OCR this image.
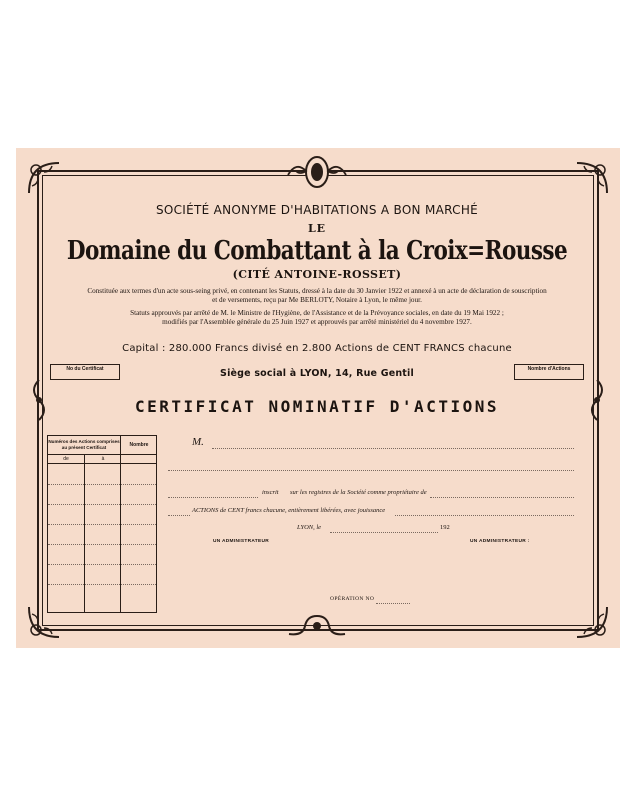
SOCIÉTÉ ANONYME D'HABITATIONS A BON MARCHÉ
LE
Domaine du Combattant à la Croix=Rousse
(CITÉ ANTOINE-ROSSET)
Constituée aux termes d'un acte sous-seing privé, en contenant les Statuts, dressé à la date du 30 Janvier 1922 et annexé à un acte de déclaration de souscription
et de versements, reçu par Me BERLOTY, Notaire à Lyon, le même jour.
Statuts approuvés par arrêté de M. le Ministre de l'Hygiène, de l'Assistance et de la Prévoyance sociales, en date du 19 Mai 1922 ;
modifiés par l'Assemblée générale du 25 Juin 1927 et approuvés par arrêté ministériel du 4 novembre 1927.
Capital : 280.000 Francs divisé en 2.800 Actions de CENT FRANCS chacune
No du Certificat	Nombre d'Actions
Siège social à LYON, 14, Rue Gentil
CERTIFICAT NOMINATIF D'ACTIONS
Numéros des Actions comprises au présent Certificat	Nombre
de	à
M.
inscrit sur les registres de la Société comme propriétaire de
ACTIONS de CENT francs chacune, entièrement libérées, avec jouissance
LYON, le	192
UN ADMINISTRATEUR	UN ADMINISTRATEUR :
OPÉRATION NO
